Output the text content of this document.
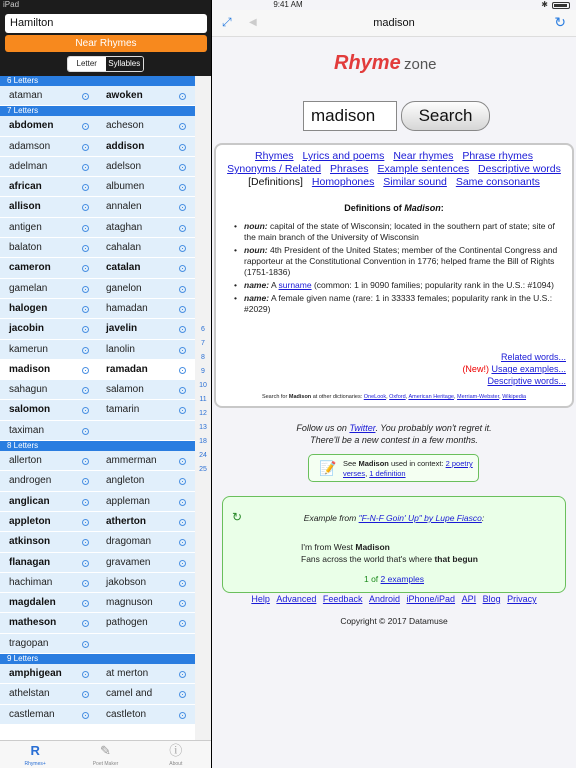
iPad	9:41 AM	✱
Hamilton
Near Rhymes
Letter	Syllables
6 Letters
ataman	awoken
7 Letters
abdomen	acheson
adamson	addison
adelman	adelson
african	albumen
allison	annalen
antigen	ataghan
balaton	cahalan
cameron	catalan
gamelan	ganelon
halogen	hamadan
jacobin	javelin
kamerun	lanolin
madison	ramadan
sahagun	salamon
salomon	tamarin
taximan
8 Letters
allerton	ammerman
androgen	angleton
anglican	appleman
appleton	atherton
atkinson	dragoman
flanagan	gravamen
hachiman	jakobson
magdalen	magnuson
matheson	pathogen
tragopan
9 Letters
amphigean	at merton
athelstan	camel and
castleman	castleton
6
7
8
9
10
11
12
13
18
24
25
R
Rhymes+
✎
Poet Maker
ⓘ
About
⤢ ◀	madison	↻
Rhyme zone
madison	Search
Rhymes Lyrics and poems Near rhymes Phrase rhymes
Synonyms / Related Phrases Example sentences Descriptive words
[Definitions] Homophones Similar sound Same consonants
Definitions of Madison:
• noun: capital of the state of Wisconsin; located in the southern part of state; site of the main branch of the University of Wisconsin
• noun: 4th President of the United States; member of the Continental Congress and rapporteur at the Constitutional Convention in 1776; helped frame the Bill of Rights (1751-1836)
• name: A surname (common: 1 in 9090 families; popularity rank in the U.S.: #1094)
• name: A female given name (rare: 1 in 33333 females; popularity rank in the U.S.: #2029)
Related words...
(New!) Usage examples...
Descriptive words...
Search for Madison at other dictionaries: OneLook, Oxford, American Heritage, Merriam-Webster, Wikipedia
Follow us on Twitter. You probably won't regret it.
There'll be a new contest in a few months.
📝 See Madison used in context: 2 poetry verses, 1 definition
↻	Example from "F-N-F Goin' Up" by Lupe Fiasco:
I'm from West Madison
Fans across the world that's where that begun
1 of 2 examples
Help Advanced Feedback Android iPhone/iPad API Blog Privacy
Copyright © 2017 Datamuse
